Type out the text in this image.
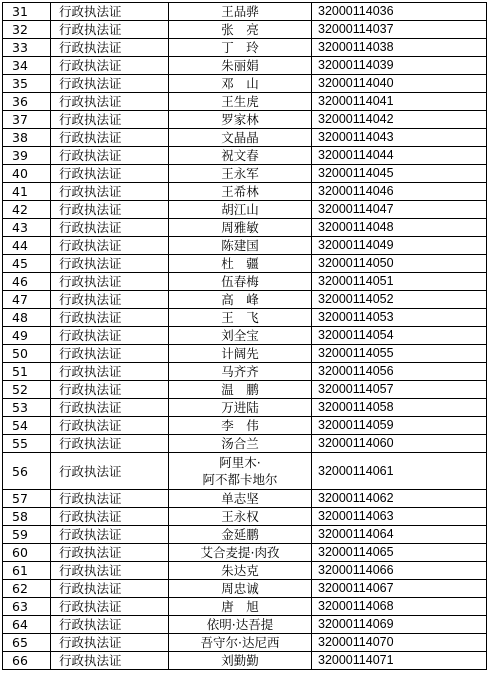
31	行政执法证	王品骅	32000114036
32	行政执法证	张　亮	32000114037
33	行政执法证	丁　玲	32000114038
34	行政执法证	朱丽娟	32000114039
35	行政执法证	邓　山	32000114040
36	行政执法证	王生虎	32000114041
37	行政执法证	罗家林	32000114042
38	行政执法证	文晶晶	32000114043
39	行政执法证	祝文春	32000114044
40	行政执法证	王永军	32000114045
41	行政执法证	王希林	32000114046
42	行政执法证	胡江山	32000114047
43	行政执法证	周雅敏	32000114048
44	行政执法证	陈建国	32000114049
45	行政执法证	杜　疆	32000114050
46	行政执法证	伍春梅	32000114051
47	行政执法证	高　峰	32000114052
48	行政执法证	王　飞	32000114053
49	行政执法证	刘全宝	32000114054
50	行政执法证	计阔先	32000114055
51	行政执法证	马齐齐	32000114056
52	行政执法证	温　鹏	32000114057
53	行政执法证	万进陆	32000114058
54	行政执法证	李　伟	32000114059
55	行政执法证	汤合兰	32000114060
56	行政执法证	阿里木·
阿不都卡地尔	32000114061
57	行政执法证	单志坚	32000114062
58	行政执法证	王永权	32000114063
59	行政执法证	金延鹏	32000114064
60	行政执法证	艾合麦提·肉孜	32000114065
61	行政执法证	朱达克	32000114066
62	行政执法证	周忠诚	32000114067
63	行政执法证	唐　旭	32000114068
64	行政执法证	依明·达吾提	32000114069
65	行政执法证	吾守尔·达尼西	32000114070
66	行政执法证	刘勤勤	32000114071
